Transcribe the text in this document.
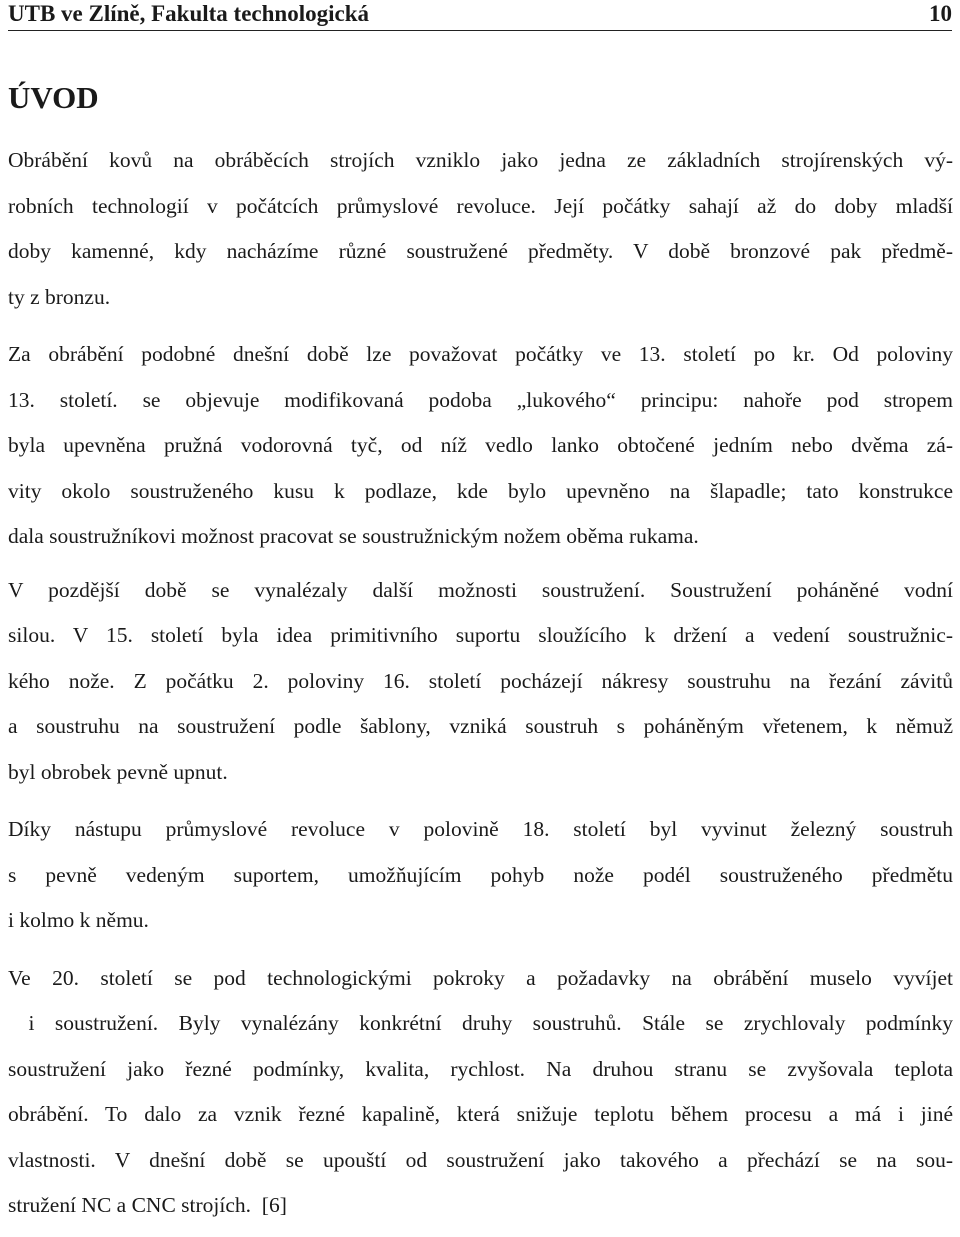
UTB ve Zlíně, Fakulta technologická	10
ÚVOD
Obrábění kovů na obráběcích strojích vzniklo jako jedna ze základních strojírenských vý-
robních technologií v počátcích průmyslové revoluce. Její počátky sahají až do doby mladší
doby kamenné, kdy nacházíme různé soustružené předměty. V době bronzové pak předmě-
ty z bronzu.
Za obrábění podobné dnešní době lze považovat počátky ve 13. století po kr. Od poloviny
13. století. se objevuje modifikovaná podoba „lukového“ principu: nahoře pod stropem
byla upevněna pružná vodorovná tyč, od níž vedlo lanko obtočené jedním nebo dvěma zá-
vity okolo soustruženého kusu k podlaze, kde bylo upevněno na šlapadle; tato konstrukce
dala soustružníkovi možnost pracovat se soustružnickým nožem oběma rukama.
V pozdější době se vynalézaly další možnosti soustružení. Soustružení poháněné vodní
silou. V 15. století byla idea primitivního suportu sloužícího k držení a vedení soustružnic-
kého nože. Z počátku 2. poloviny 16. století pocházejí nákresy soustruhu na řezání závitů
a soustruhu na soustružení podle šablony, vzniká soustruh s poháněným vřetenem, k němuž
byl obrobek pevně upnut.
Díky nástupu průmyslové revoluce v polovině 18. století byl vyvinut železný soustruh
s pevně vedeným suportem, umožňujícím pohyb nože podél soustruženého předmětu
i kolmo k němu.
Ve 20. století se pod technologickými pokroky a požadavky na obrábění muselo vyvíjet
i soustružení. Byly vynalézány konkrétní druhy soustruhů. Stále se zrychlovaly podmínky
soustružení jako řezné podmínky, kvalita, rychlost. Na druhou stranu se zvyšovala teplota
obrábění. To dalo za vznik řezné kapalině, která snižuje teplotu během procesu a má i jiné
vlastnosti. V dnešní době se upouští od soustružení jako takového a přechází se na sou-
stružení NC a CNC strojích.  [6]
